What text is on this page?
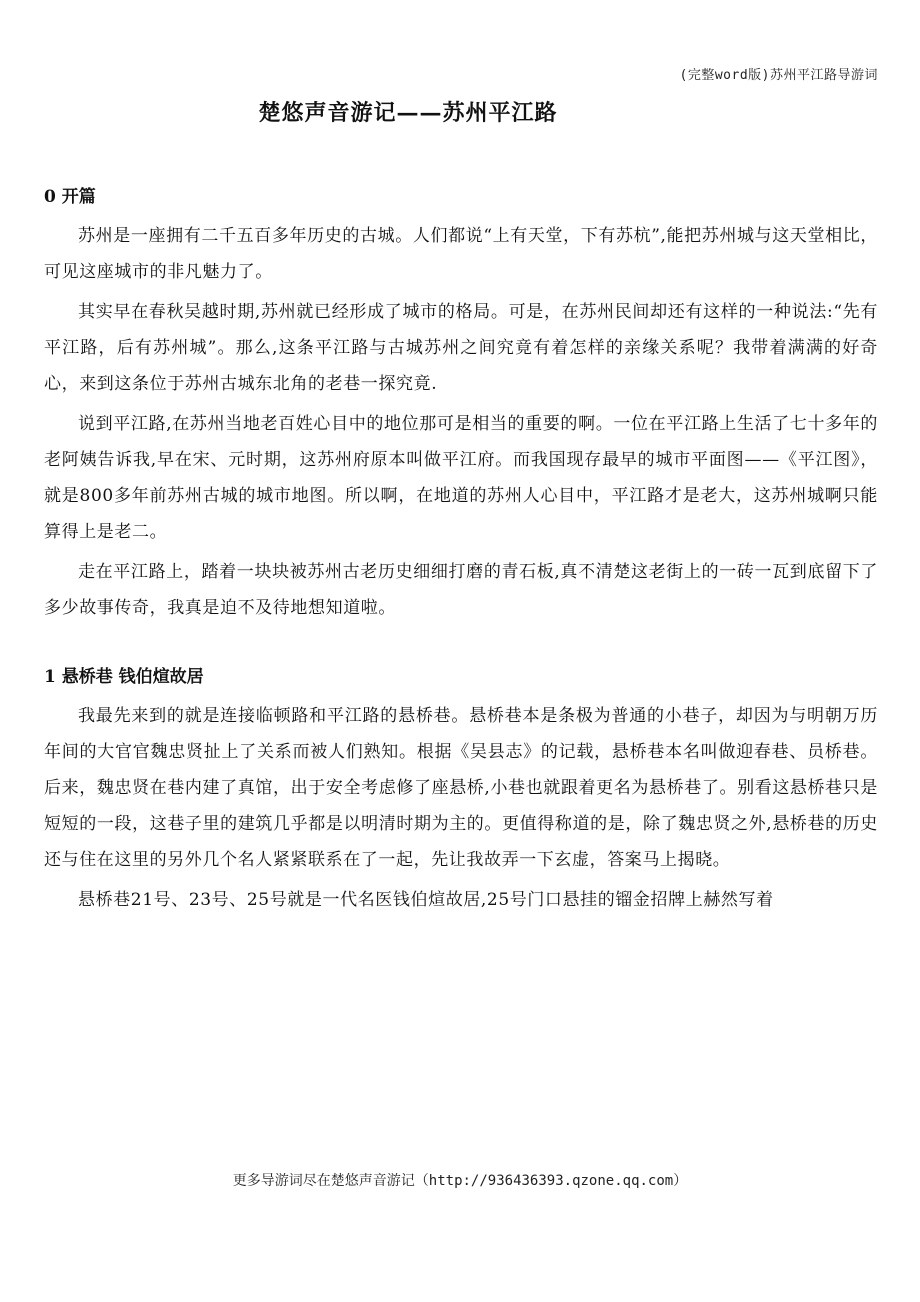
(完整word版)苏州平江路导游词
楚悠声音游记——苏州平江路

0 开篇

苏州是一座拥有二千五百多年历史的古城。人们都说“上有天堂，下有苏杭”,能把苏州城与这天堂相比，可见这座城市的非凡魅力了。

其实早在春秋吴越时期,苏州就已经形成了城市的格局。可是，在苏州民间却还有这样的一种说法:“先有平江路，后有苏州城”。那么,这条平江路与古城苏州之间究竟有着怎样的亲缘关系呢？我带着满满的好奇心，来到这条位于苏州古城东北角的老巷一探究竟.

说到平江路,在苏州当地老百姓心目中的地位那可是相当的重要的啊。一位在平江路上生活了七十多年的老阿姨告诉我,早在宋、元时期，这苏州府原本叫做平江府。而我国现存最早的城市平面图——《平江图》，就是800多年前苏州古城的城市地图。所以啊，在地道的苏州人心目中，平江路才是老大，这苏州城啊只能算得上是老二。

走在平江路上，踏着一块块被苏州古老历史细细打磨的青石板,真不清楚这老街上的一砖一瓦到底留下了多少故事传奇，我真是迫不及待地想知道啦。

1 悬桥巷 钱伯煊故居

我最先来到的就是连接临顿路和平江路的悬桥巷。悬桥巷本是条极为普通的小巷子，却因为与明朝万历年间的大官官魏忠贤扯上了关系而被人们熟知。根据《吴县志》的记载，悬桥巷本名叫做迎春巷、员桥巷。后来，魏忠贤在巷内建了真馆，出于安全考虑修了座悬桥,小巷也就跟着更名为悬桥巷了。别看这悬桥巷只是短短的一段，这巷子里的建筑几乎都是以明清时期为主的。更值得称道的是，除了魏忠贤之外,悬桥巷的历史还与住在这里的另外几个名人紧紧联系在了一起，先让我故弄一下玄虚，答案马上揭晓。

悬桥巷21号、23号、25号就是一代名医钱伯煊故居,25号门口悬挂的镏金招牌上赫然写着

更多导游词尽在楚悠声音游记（http://936436393.qzone.qq.com）
